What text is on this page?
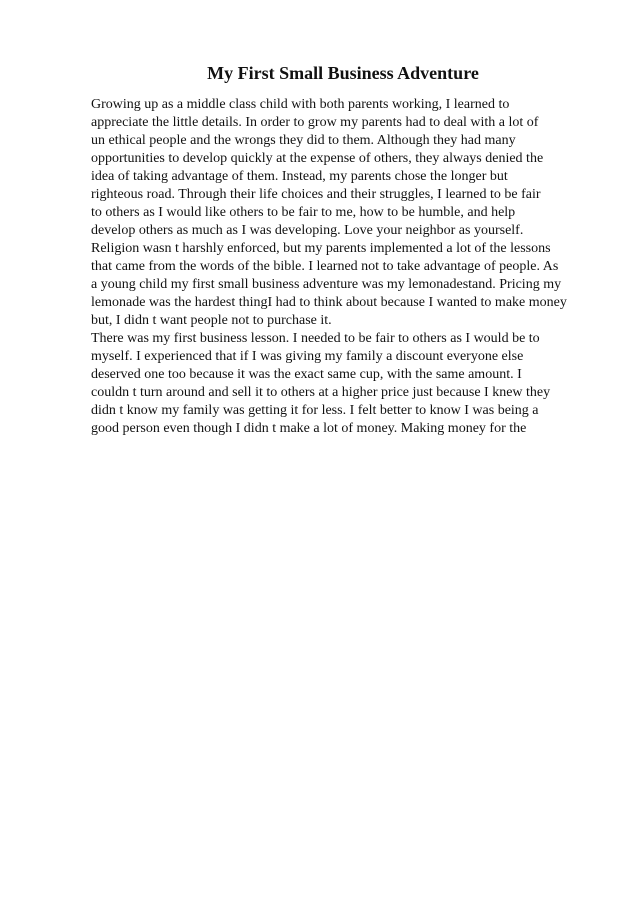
My First Small Business Adventure
Growing up as a middle class child with both parents working, I learned to
appreciate the little details. In order to grow my parents had to deal with a lot of
un ethical people and the wrongs they did to them. Although they had many
opportunities to develop quickly at the expense of others, they always denied the
idea of taking advantage of them. Instead, my parents chose the longer but
righteous road. Through their life choices and their struggles, I learned to be fair
to others as I would like others to be fair to me, how to be humble, and help
develop others as much as I was developing. Love your neighbor as yourself.
Religion wasn t harshly enforced, but my parents implemented a lot of the lessons
that came from the words of the bible. I learned not to take advantage of people. As
a young child my first small business adventure was my lemonadestand. Pricing my
lemonade was the hardest thingI had to think about because I wanted to make money
but, I didn t want people not to purchase it.
There was my first business lesson. I needed to be fair to others as I would be to
myself. I experienced that if I was giving my family a discount everyone else
deserved one too because it was the exact same cup, with the same amount. I
couldn t turn around and sell it to others at a higher price just because I knew they
didn t know my family was getting it for less. I felt better to know I was being a
good person even though I didn t make a lot of money. Making money for the
